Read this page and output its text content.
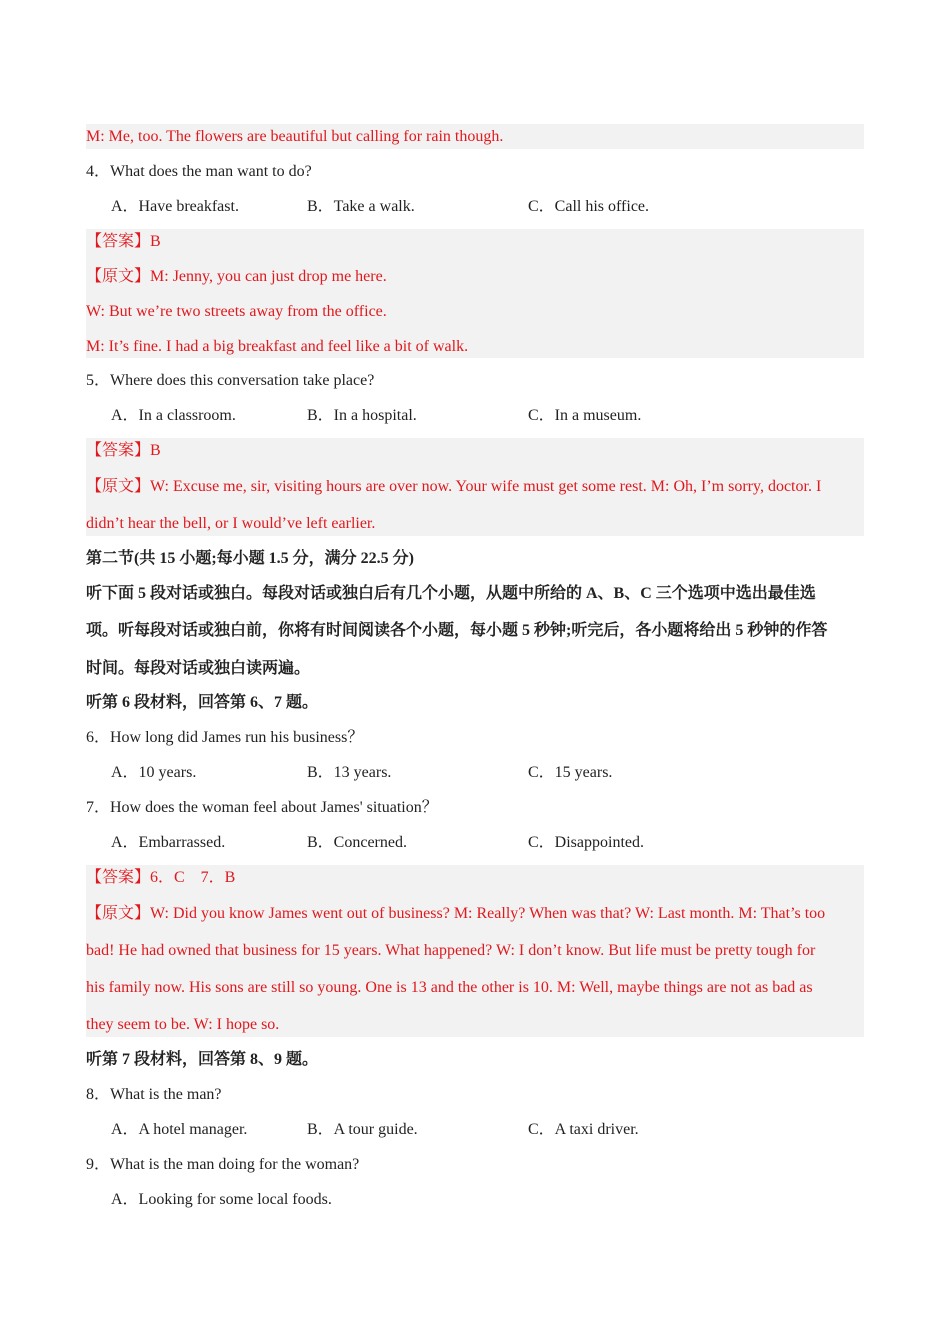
M: Me, too. The flowers are beautiful but calling for rain though.
4．What does the man want to do?
A．Have breakfast.	B．Take a walk.	C．Call his office.
【答案】B
【原文】M: Jenny, you can just drop me here.
W: But we’re two streets away from the office.
M: It’s fine. I had a big breakfast and feel like a bit of walk.
5．Where does this conversation take place?
A．In a classroom.	B．In a hospital.	C．In a museum.
【答案】B
【原文】W: Excuse me, sir, visiting hours are over now. Your wife must get some rest. M: Oh, I’m sorry, doctor. I
didn’t hear the bell, or I would’ve left earlier.
第二节(共 15 小题;每小题 1.5 分，满分 22.5 分)
听下面 5 段对话或独白。每段对话或独白后有几个小题，从题中所给的 A、B、C 三个选项中选出最佳选
项。听每段对话或独白前，你将有时间阅读各个小题，每小题 5 秒钟;听完后，各小题将给出 5 秒钟的作答
时间。每段对话或独白读两遍。
听第 6 段材料，回答第 6、7 题。
6．How long did James run his business？
A．10 years.	B．13 years.	C．15 years.
7．How does the woman feel about James' situation？
A．Embarrassed.	B．Concerned.	C．Disappointed.
【答案】6．C    7．B
【原文】W: Did you know James went out of business? M: Really? When was that? W: Last month. M: That’s too
bad! He had owned that business for 15 years. What happened? W: I don’t know. But life must be pretty tough for
his family now. His sons are still so young. One is 13 and the other is 10. M: Well, maybe things are not as bad as
they seem to be. W: I hope so.
听第 7 段材料，回答第 8、9 题。
8．What is the man?
A．A hotel manager.	B．A tour guide.	C．A taxi driver.
9．What is the man doing for the woman?
A．Looking for some local foods.
